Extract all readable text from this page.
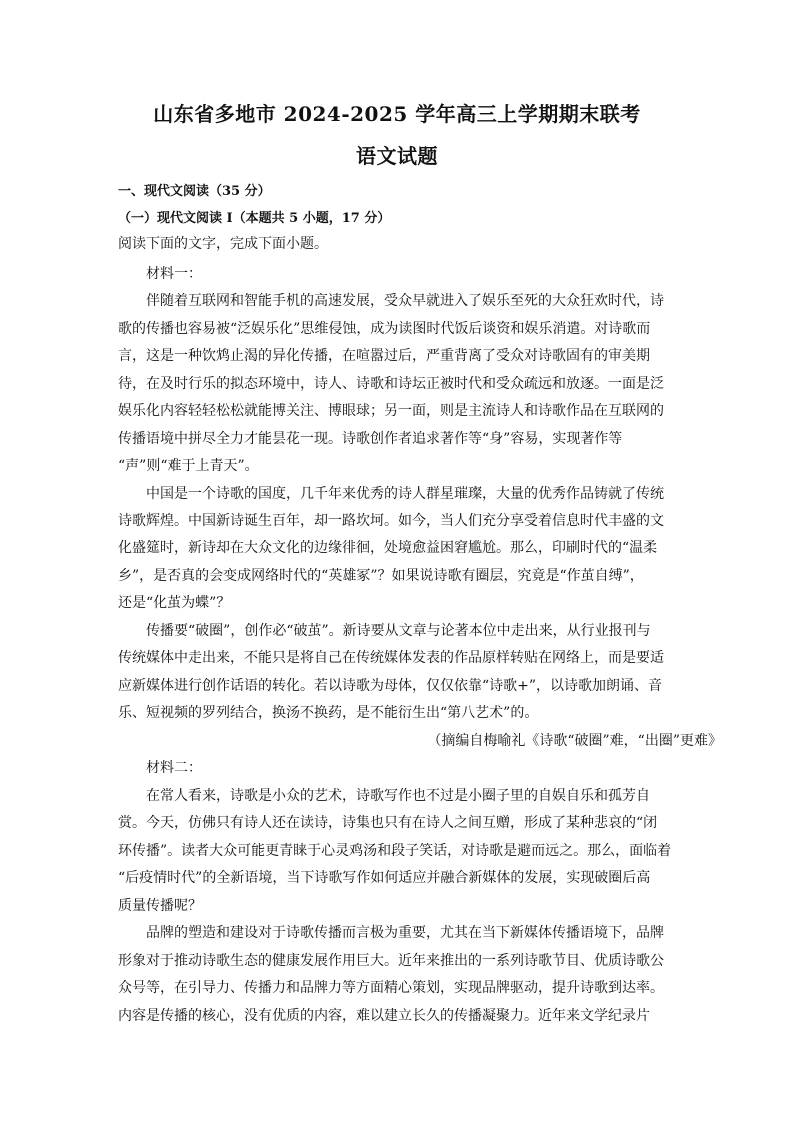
山东省多地市 2024-2025 学年高三上学期期末联考
语文试题
一、现代文阅读（35 分）
（一）现代文阅读 I（本题共 5 小题，17 分）
阅读下面的文字，完成下面小题。
材料一：
伴随着互联网和智能手机的高速发展，受众早就进入了娱乐至死的大众狂欢时代，诗
歌的传播也容易被“泛娱乐化”思维侵蚀，成为读图时代饭后谈资和娱乐消遣。对诗歌而
言，这是一种饮鸩止渴的异化传播，在喧嚣过后，严重背离了受众对诗歌固有的审美期
待，在及时行乐的拟态环境中，诗人、诗歌和诗坛正被时代和受众疏远和放逐。一面是泛
娱乐化内容轻轻松松就能博关注、博眼球；另一面，则是主流诗人和诗歌作品在互联网的
传播语境中拼尽全力才能昙花一现。诗歌创作者追求著作等“身”容易，实现著作等
“声”则“难于上青天”。
中国是一个诗歌的国度，几千年来优秀的诗人群星璀璨，大量的优秀作品铸就了传统
诗歌辉煌。中国新诗诞生百年，却一路坎坷。如今，当人们充分享受着信息时代丰盛的文
化盛筵时，新诗却在大众文化的边缘徘徊，处境愈益困窘尴尬。那么，印刷时代的“温柔
乡”，是否真的会变成网络时代的“英雄冢”？如果说诗歌有圈层，究竟是“作茧自缚”，
还是“化茧为蝶”？
传播要“破圈”，创作必“破茧”。新诗要从文章与论著本位中走出来，从行业报刊与
传统媒体中走出来，不能只是将自己在传统媒体发表的作品原样转贴在网络上，而是要适
应新媒体进行创作话语的转化。若以诗歌为母体，仅仅依靠“诗歌+”，以诗歌加朗诵、音
乐、短视频的罗列结合，换汤不换药，是不能衍生出“第八艺术”的。
（摘编自梅喻礼《诗歌“破圈”难，“出圈”更难》
材料二：
在常人看来，诗歌是小众的艺术，诗歌写作也不过是小圈子里的自娱自乐和孤芳自
赏。今天，仿佛只有诗人还在读诗，诗集也只有在诗人之间互赠，形成了某种悲哀的“闭
环传播”。读者大众可能更青睐于心灵鸡汤和段子笑话，对诗歌是避而远之。那么，面临着
“后疫情时代”的全新语境，当下诗歌写作如何适应并融合新媒体的发展，实现破圈后高
质量传播呢？
品牌的塑造和建设对于诗歌传播而言极为重要，尤其在当下新媒体传播语境下，品牌
形象对于推动诗歌生态的健康发展作用巨大。近年来推出的一系列诗歌节目、优质诗歌公
众号等，在引导力、传播力和品牌力等方面精心策划，实现品牌驱动，提升诗歌到达率。
内容是传播的核心，没有优质的内容，难以建立长久的传播凝聚力。近年来文学纪录片
